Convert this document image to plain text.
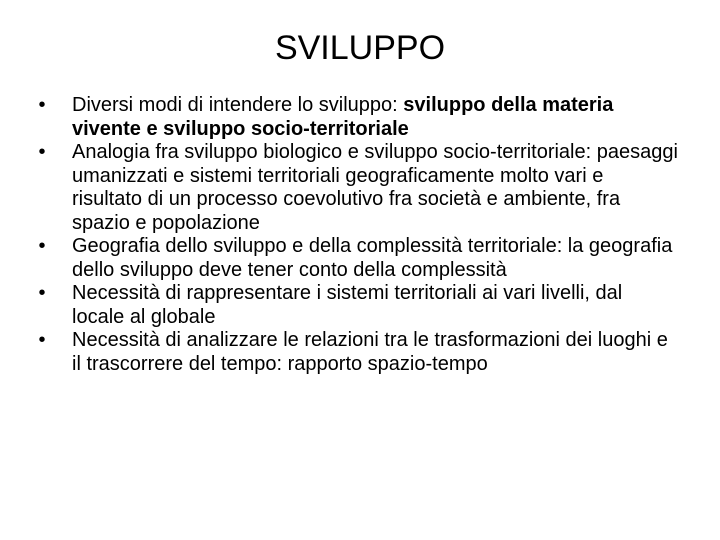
SVILUPPO
•	Diversi modi di intendere lo sviluppo: sviluppo della materia vivente e sviluppo socio-territoriale
•	Analogia fra sviluppo biologico e sviluppo socio-territoriale: paesaggi umanizzati e sistemi territoriali geograficamente molto vari e risultato di un processo coevolutivo fra società e ambiente, fra spazio e popolazione
•	Geografia dello sviluppo e della complessità territoriale: la geografia dello sviluppo deve tener conto della complessità
•	Necessità di rappresentare i sistemi territoriali ai vari livelli, dal locale al globale
•	Necessità di analizzare le relazioni tra le trasformazioni dei luoghi e il trascorrere del tempo: rapporto spazio-tempo
